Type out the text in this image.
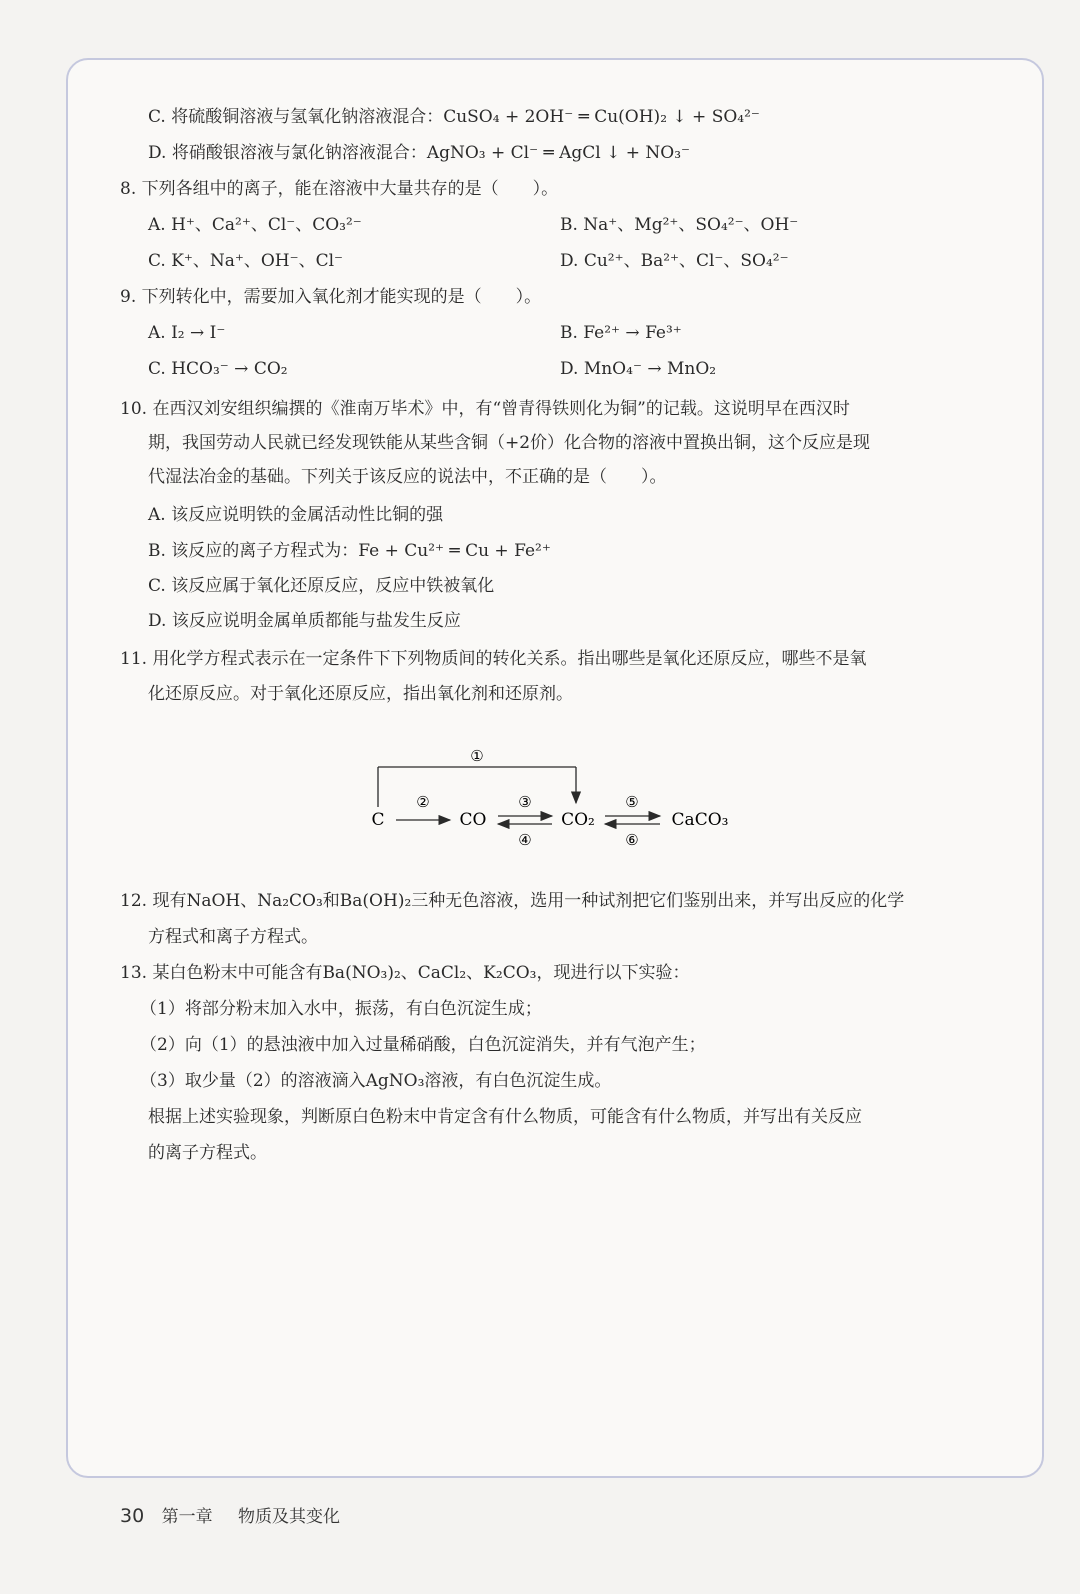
C. 将硫酸铜溶液与氢氧化钠溶液混合：CuSO₄ + 2OH⁻ ═ Cu(OH)₂ ↓ + SO₄²⁻
D. 将硝酸银溶液与氯化钠溶液混合：AgNO₃ + Cl⁻ ═ AgCl ↓ + NO₃⁻
8. 下列各组中的离子，能在溶液中大量共存的是（　　）。
A. H⁺、Ca²⁺、Cl⁻、CO₃²⁻	B. Na⁺、Mg²⁺、SO₄²⁻、OH⁻
C. K⁺、Na⁺、OH⁻、Cl⁻	D. Cu²⁺、Ba²⁺、Cl⁻、SO₄²⁻
9. 下列转化中，需要加入氧化剂才能实现的是（　　）。
A. I₂ → I⁻	B. Fe²⁺ → Fe³⁺
C. HCO₃⁻ → CO₂	D. MnO₄⁻ → MnO₂
10. 在西汉刘安组织编撰的《淮南万毕术》中，有“曾青得铁则化为铜”的记载。这说明早在西汉时
期，我国劳动人民就已经发现铁能从某些含铜（+2价）化合物的溶液中置换出铜，这个反应是现
代湿法冶金的基础。下列关于该反应的说法中，不正确的是（　　）。
A. 该反应说明铁的金属活动性比铜的强
B. 该反应的离子方程式为：Fe + Cu²⁺ ═ Cu + Fe²⁺
C. 该反应属于氧化还原反应，反应中铁被氧化
D. 该反应说明金属单质都能与盐发生反应
11. 用化学方程式表示在一定条件下下列物质间的转化关系。指出哪些是氧化还原反应，哪些不是氧
化还原反应。对于氧化还原反应，指出氧化剂和还原剂。
①
C	CO	CO₂	CaCO₃
②	③
④
⑤
⑥
12. 现有NaOH、Na₂CO₃和Ba(OH)₂三种无色溶液，选用一种试剂把它们鉴别出来，并写出反应的化学
方程式和离子方程式。
13. 某白色粉末中可能含有Ba(NO₃)₂、CaCl₂、K₂CO₃，现进行以下实验：
（1）将部分粉末加入水中，振荡，有白色沉淀生成；
（2）向（1）的悬浊液中加入过量稀硝酸，白色沉淀消失，并有气泡产生；
（3）取少量（2）的溶液滴入AgNO₃溶液，有白色沉淀生成。
根据上述实验现象，判断原白色粉末中肯定含有什么物质，可能含有什么物质，并写出有关反应
的离子方程式。
30 第一章 物质及其变化
